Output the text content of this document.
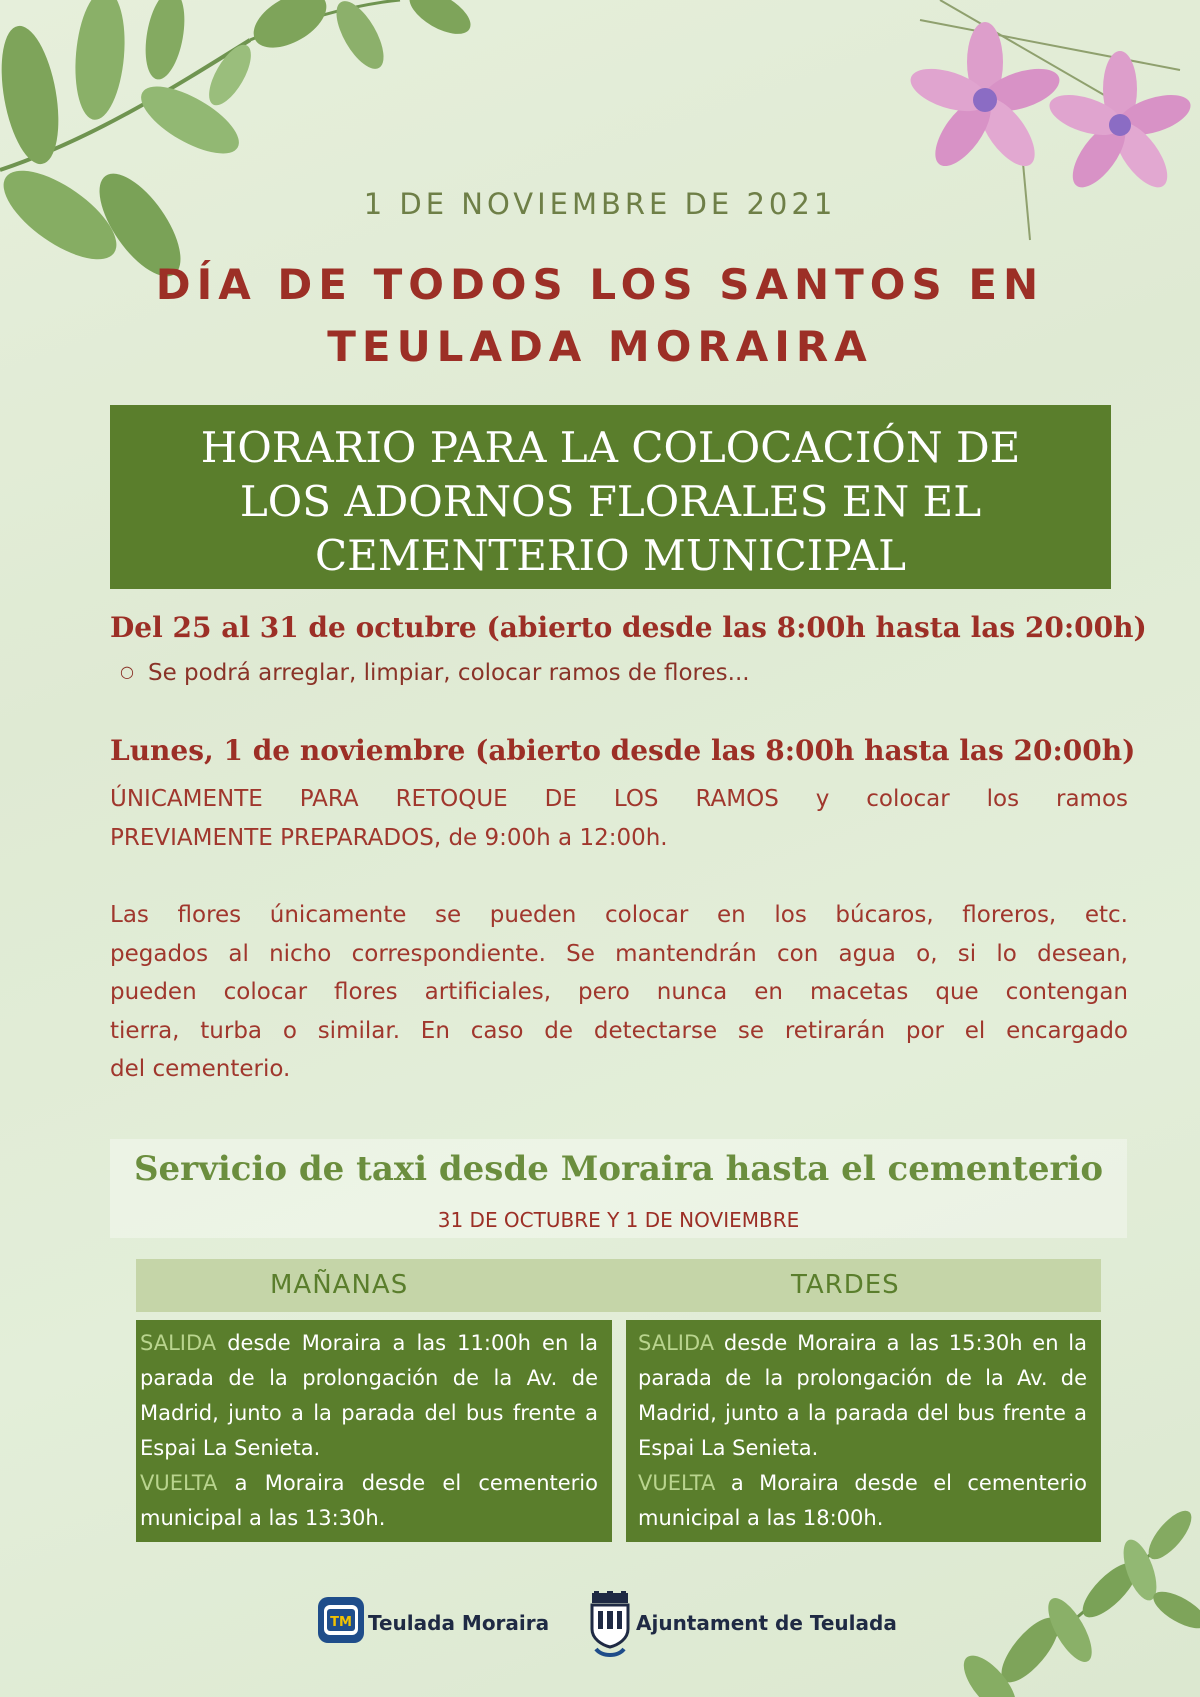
1 DE NOVIEMBRE DE 2021
DÍA DE TODOS LOS SANTOS EN
TEULADA MORAIRA
HORARIO PARA LA COLOCACIÓN DE
LOS ADORNOS FLORALES EN EL
CEMENTERIO MUNICIPAL
Del 25 al 31 de octubre (abierto desde las 8:00h hasta las 20:00h)
○ Se podrá arreglar, limpiar, colocar ramos de flores...
Lunes, 1 de noviembre (abierto desde las 8:00h hasta las 20:00h)
ÚNICAMENTE PARA RETOQUE DE LOS RAMOS y colocar los ramos
PREVIAMENTE PREPARADOS, de 9:00h a 12:00h.
Las flores únicamente se pueden colocar en los búcaros, floreros, etc.
pegados al nicho correspondiente. Se mantendrán con agua o, si lo desean,
pueden colocar flores artificiales, pero nunca en macetas que contengan
tierra, turba o similar. En caso de detectarse se retirarán por el encargado
del cementerio.
Servicio de taxi desde Moraira hasta el cementerio
31 DE OCTUBRE Y 1 DE NOVIEMBRE
MAÑANAS	TARDES
SALIDA desde Moraira a las 11:00h en la
parada de la prolongación de la Av. de
Madrid, junto a la parada del bus frente a
Espai La Senieta.
VUELTA a Moraira desde el cementerio
municipal a las 13:30h.
SALIDA desde Moraira a las 15:30h en la
parada de la prolongación de la Av. de
Madrid, junto a la parada del bus frente a
Espai La Senieta.
VUELTA a Moraira desde el cementerio
municipal a las 18:00h.
TM Teulada Moraira	Ajuntament de Teulada
